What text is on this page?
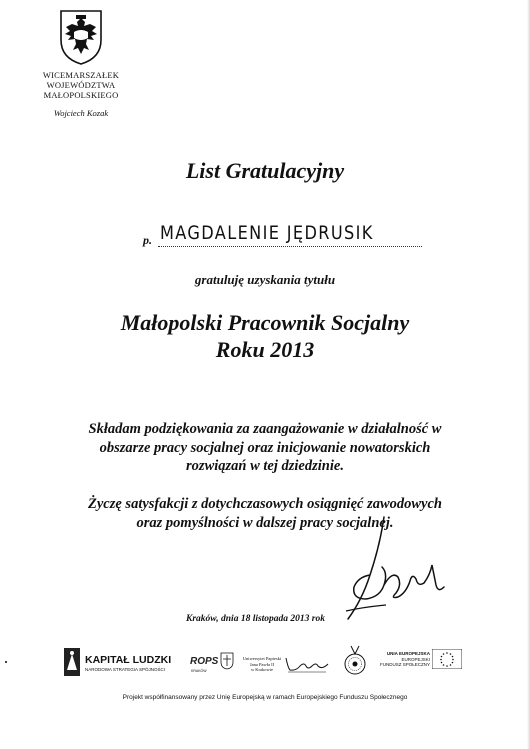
WICEMARSZAŁEK
WOJEWÓDZTWA
MAŁOPOLSKIEGO
Wojciech Kozak
List Gratulacyjny
p. MAGDALENIE JĘDRUSIK
gratuluję uzyskania tytułu
Małopolski Pracownik Socjalny
Roku 2013
Składam podziękowania za zaangażowanie w działalność w
obszarze pracy socjalnej oraz inicjowanie nowatorskich
rozwiązań w tej dziedzinie.
Życzę satysfakcji z dotychczasowych osiągnięć zawodowych
oraz pomyślności w dalszej pracy socjalnej.
Kraków, dnia 18 listopada 2013 rok
KAPITAŁ LUDZKI
NARODOWA STRATEGIA SPÓJNOŚCI
ROPS
KRAKÓW
Uniwersytet Papieski
Jana Pawła II
w Krakowie
UNIA EUROPEJSKA
EUROPEJSKI
FUNDUSZ SPOŁECZNY
Projekt współfinansowany przez Unię Europejską w ramach Europejskiego Funduszu Społecznego
